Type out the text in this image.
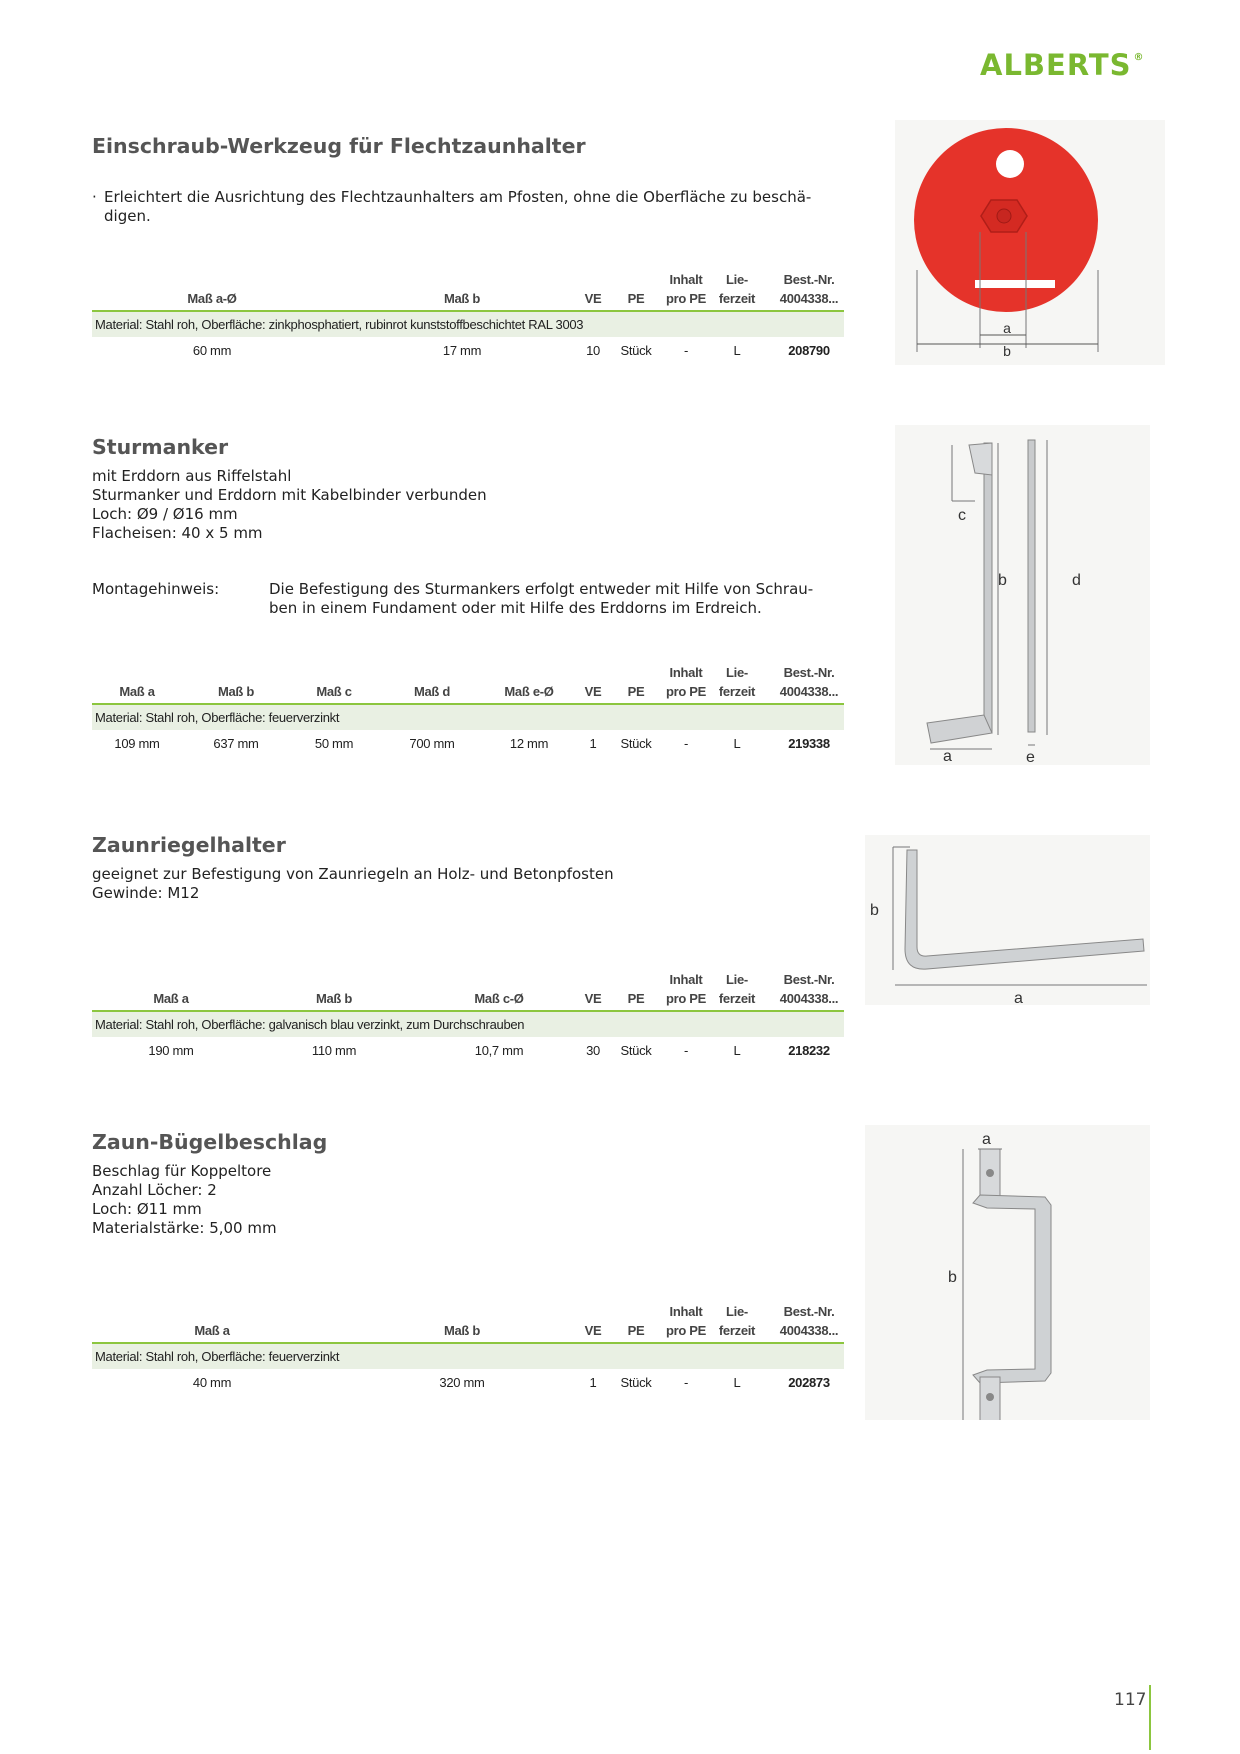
ALBERTS ®
Einschraub-Werkzeug für Flechtzaunhalter
· Erleichtert die Ausrichtung des Flechtzaunhalters am Pfosten, ohne die Oberfläche zu beschä-
digen.
Maß a-Ø	Maß b	VE PE
Inhalt
pro PE
Lie-
ferzeit
Best.-Nr.
4004338...
Material: Stahl roh, Oberfläche: zinkphosphatiert, rubinrot kunststoffbeschichtet RAL 3003
60 mm	17 mm	10 Stück -	L	208790
a
b
Sturmanker
mit Erddorn aus Riffelstahl
Sturmanker und Erddorn mit Kabelbinder verbunden
Loch: Ø9 / Ø16 mm
Flacheisen: 40 x 5 mm
Montagehinweis:	Die Befestigung des Sturmankers erfolgt entweder mit Hilfe von Schrau-
ben in einem Fundament oder mit Hilfe des Erddorns im Erdreich.
Maß a	Maß b	Maß c	Maß d	Maß e-Ø VE PE
Inhalt
pro PE
Lie-
ferzeit
Best.-Nr.
4004338...
Material: Stahl roh, Oberfläche: feuerverzinkt
109 mm	637 mm	50 mm	700 mm	12 mm	1 Stück -	L	219338
c
b
a
d
e
Zaunriegelhalter
geeignet zur Befestigung von Zaunriegeln an Holz- und Betonpfosten
Gewinde: M12
Maß a	Maß b	Maß c-Ø	VE PE
Inhalt
pro PE
Lie-
ferzeit
Best.-Nr.
4004338...
Material: Stahl roh, Oberfläche: galvanisch blau verzinkt, zum Durchschrauben
190 mm	110 mm	10,7 mm	30 Stück -	L	218232
b
a
Zaun-Bügelbeschlag
Beschlag für Koppeltore
Anzahl Löcher: 2
Loch: Ø11 mm
Materialstärke: 5,00 mm
Maß a	Maß b	VE PE
Inhalt
pro PE
Lie-
ferzeit
Best.-Nr.
4004338...
Material: Stahl roh, Oberfläche: feuerverzinkt
40 mm	320 mm	1 Stück -	L	202873
a
b
117
